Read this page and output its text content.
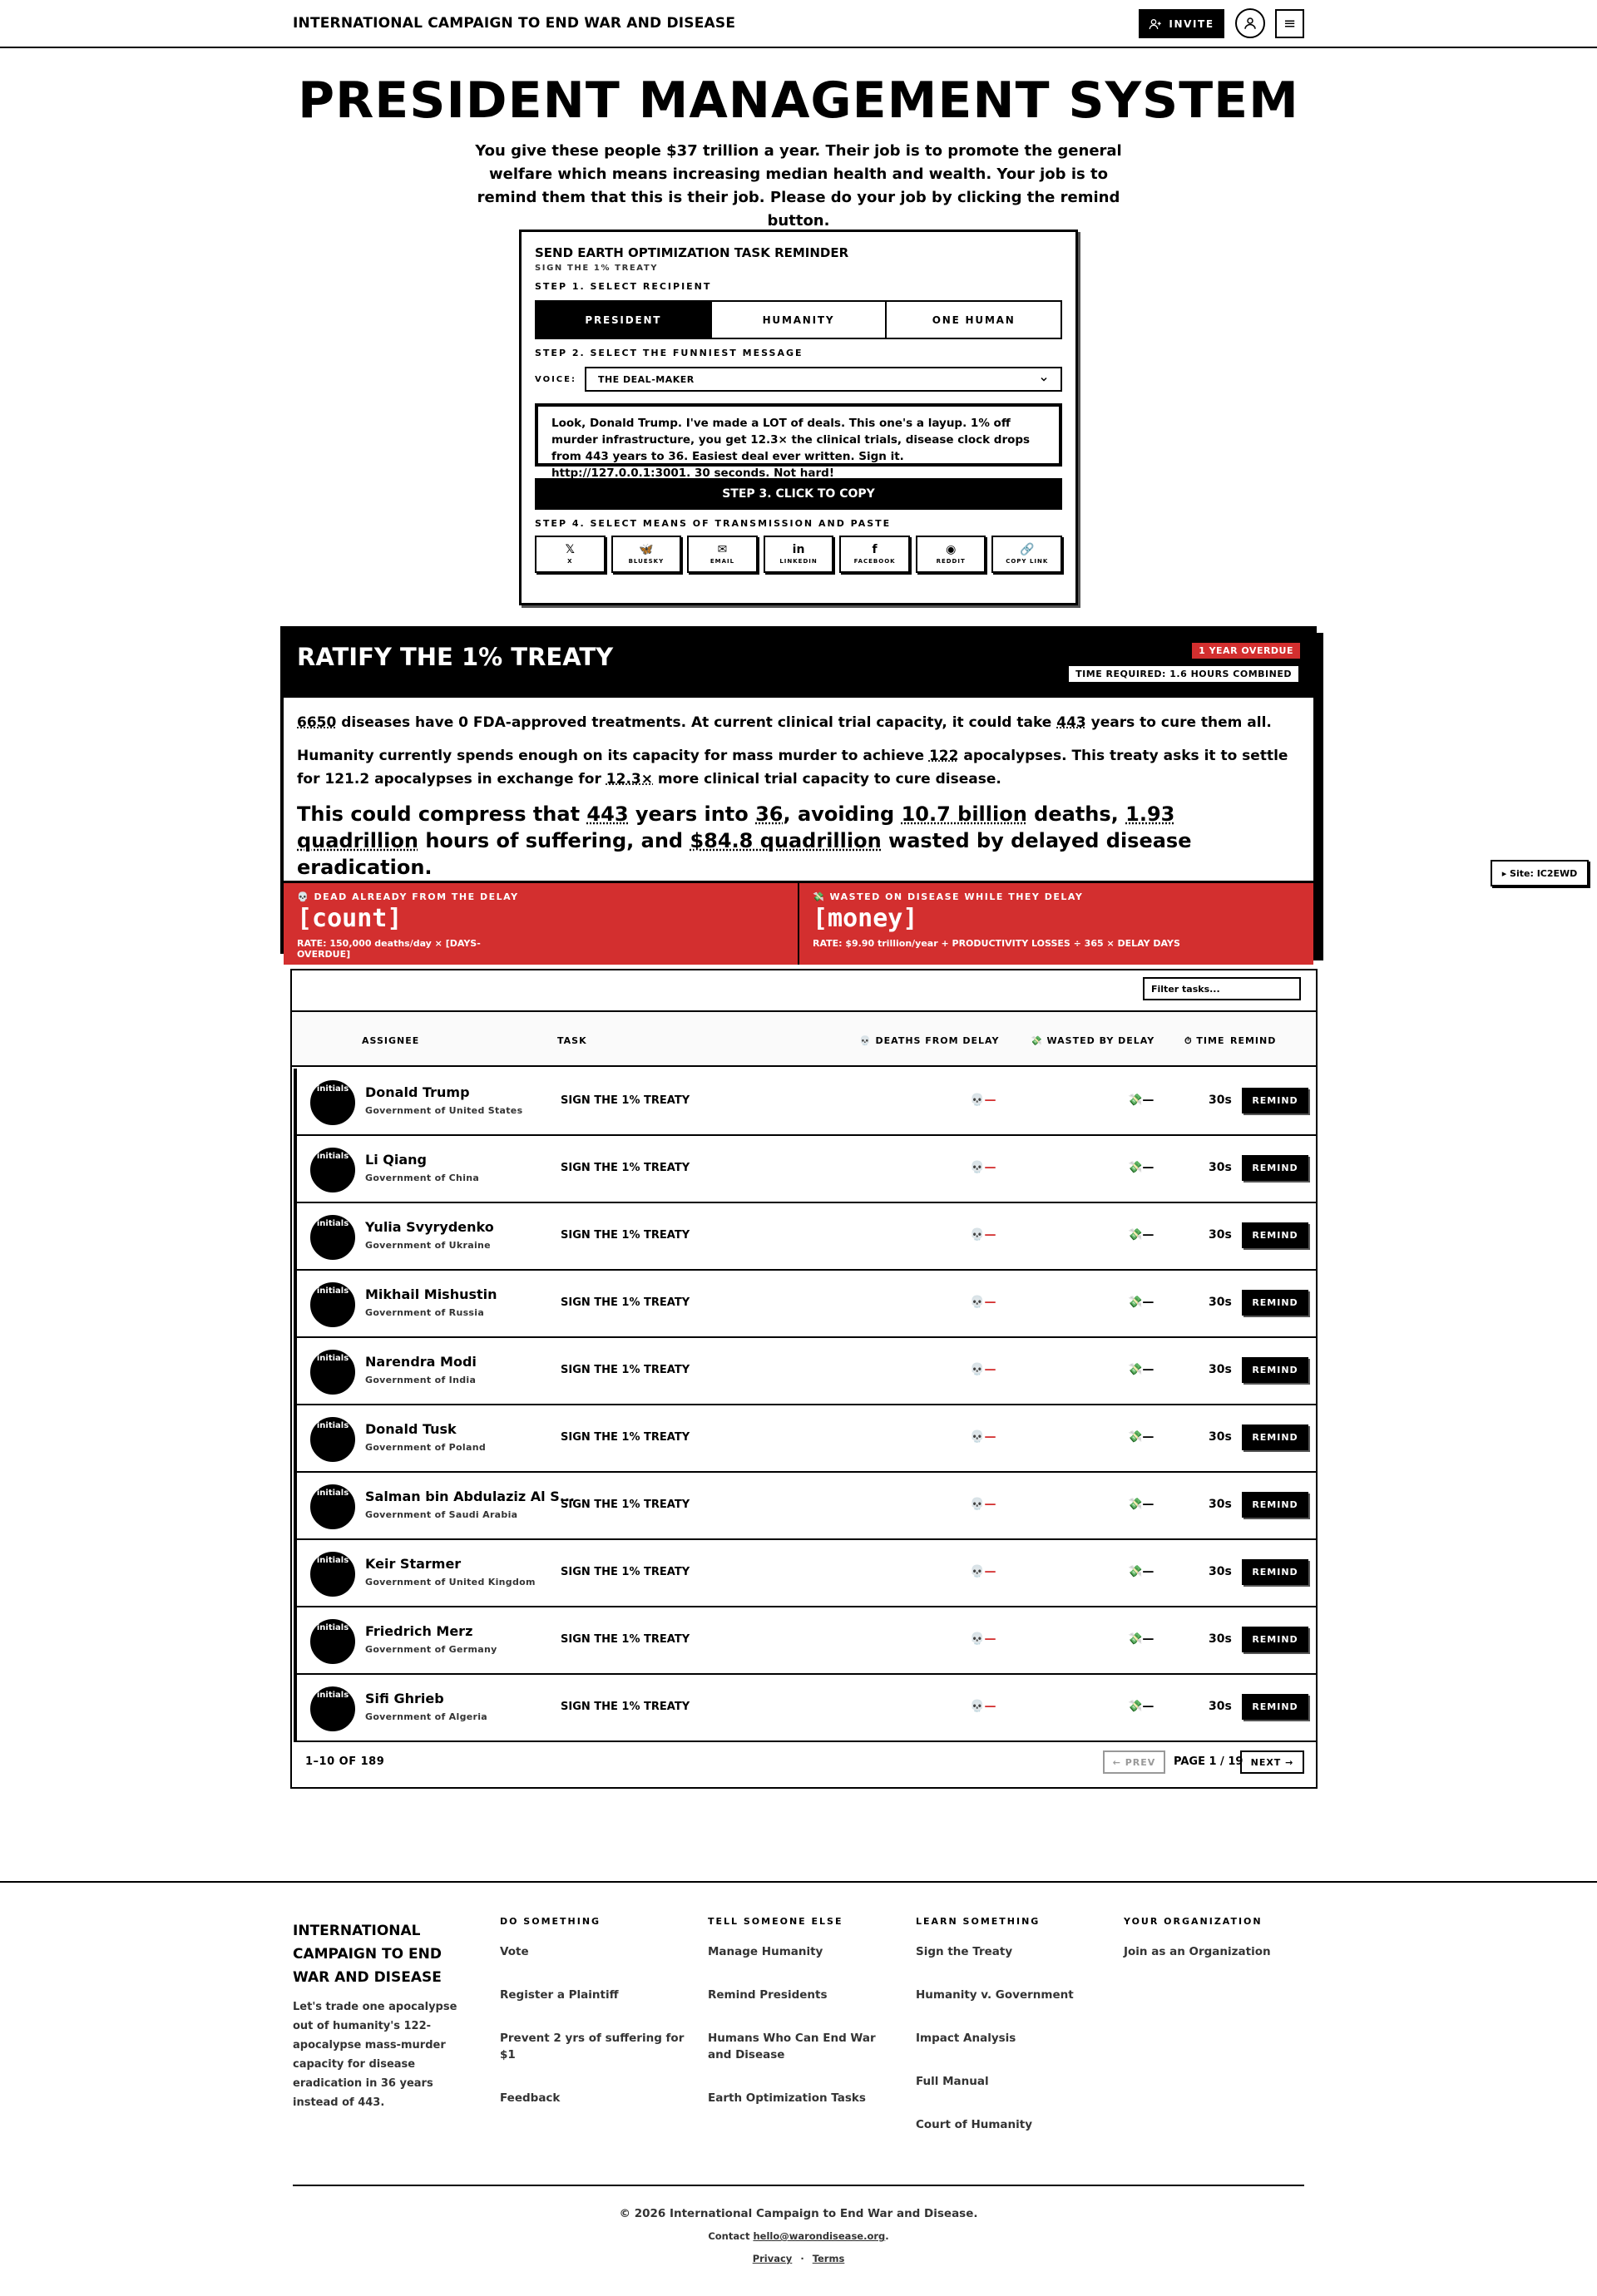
INTERNATIONAL CAMPAIGN TO END WAR AND DISEASE	INVITE	≡
PRESIDENT MANAGEMENT SYSTEM

You give these people $37 trillion a year. Their job is to promote the general welfare which means increasing median health and wealth. Your job is to remind them that this is their job. Please do your job by clicking the remind button.

SEND EARTH OPTIMIZATION TASK REMINDER
SIGN THE 1% TREATY
STEP 1. SELECT RECIPIENT
PRESIDENT	HUMANITY	ONE HUMAN
STEP 2. SELECT THE FUNNIEST MESSAGE
VOICE: THE DEAL-MAKER
Look, Donald Trump. I've made a LOT of deals. This one's a layup. 1% off murder infrastructure, you get 12.3× the clinical trials, disease clock drops from 443 years to 36. Easiest deal ever written. Sign it. http://127.0.0.1:3001. 30 seconds. Not hard!
STEP 3. CLICK TO COPY
STEP 4. SELECT MEANS OF TRANSMISSION AND PASTE
𝕏
X
🦋
BLUESKY
✉
EMAIL
in
LINKEDIN
f
FACEBOOK
◉
REDDIT
🔗
COPY LINK
RATIFY THE 1% TREATY	1 YEAR OVERDUE
TIME REQUIRED: 1.6 HOURS COMBINED

6650 diseases have 0 FDA-approved treatments. At current clinical trial capacity, it could take 443 years to cure them all.

Humanity currently spends enough on its capacity for mass murder to achieve 122 apocalypses. This treaty asks it to settle for 121.2 apocalypses in exchange for 12.3× more clinical trial capacity to cure disease.

This could compress that 443 years into 36, avoiding 10.7 billion deaths, 1.93 quadrillion hours of suffering, and $84.8 quadrillion wasted by delayed disease eradication.

💀 DEAD ALREADY FROM THE DELAY
[count]
RATE: 150,000 deaths/day × [DAYS-OVERDUE]
💸 WASTED ON DISEASE WHILE THEY DELAY
[money]
RATE: $9.90 trillion/year + PRODUCTIVITY LOSSES ÷ 365 × DELAY DAYS
▸ Site: IC2EWD
Filter tasks...
ASSIGNEE	TASK	💀 DEATHS FROM DELAY	💸 WASTED BY DELAY	⏱ TIME REMIND
initials	Donald Trump
Government of United States
SIGN THE 1% TREATY	💀—	💸—	30s	REMIND
initials	Li Qiang
Government of China
SIGN THE 1% TREATY	💀—	💸—	30s	REMIND
initials	Yulia Svyrydenko
Government of Ukraine
SIGN THE 1% TREATY	💀—	💸—	30s	REMIND
initials	Mikhail Mishustin
Government of Russia
SIGN THE 1% TREATY	💀—	💸—	30s	REMIND
initials	Narendra Modi
Government of India
SIGN THE 1% TREATY	💀—	💸—	30s	REMIND
initials	Donald Tusk
Government of Poland
SIGN THE 1% TREATY	💀—	💸—	30s	REMIND
initials	Salman bin Abdulaziz Al S...
Government of Saudi Arabia
SIGN THE 1% TREATY	💀—	💸—	30s	REMIND
initials	Keir Starmer
Government of United Kingdom
SIGN THE 1% TREATY	💀—	💸—	30s	REMIND
initials	Friedrich Merz
Government of Germany
SIGN THE 1% TREATY	💀—	💸—	30s	REMIND
initials	Sifi Ghrieb
Government of Algeria
SIGN THE 1% TREATY	💀—	💸—	30s	REMIND
1–10 OF 189	← PREV	PAGE 1 / 19 NEXT →
INTERNATIONAL CAMPAIGN TO END WAR AND DISEASE
Let's trade one apocalypse out of humanity's 122-apocalypse mass-murder capacity for disease eradication in 36 years instead of 443.
DO SOMETHING
Vote
Register a Plaintiff
Prevent 2 yrs of suffering for $1
Feedback
TELL SOMEONE ELSE
Manage Humanity
Remind Presidents
Humans Who Can End War and Disease
Earth Optimization Tasks
LEARN SOMETHING
Sign the Treaty
Humanity v. Government
Impact Analysis
Full Manual
Court of Humanity
YOUR ORGANIZATION
Join as an Organization
© 2026 International Campaign to End War and Disease.
Contact hello@warondisease.org.
Privacy · Terms
